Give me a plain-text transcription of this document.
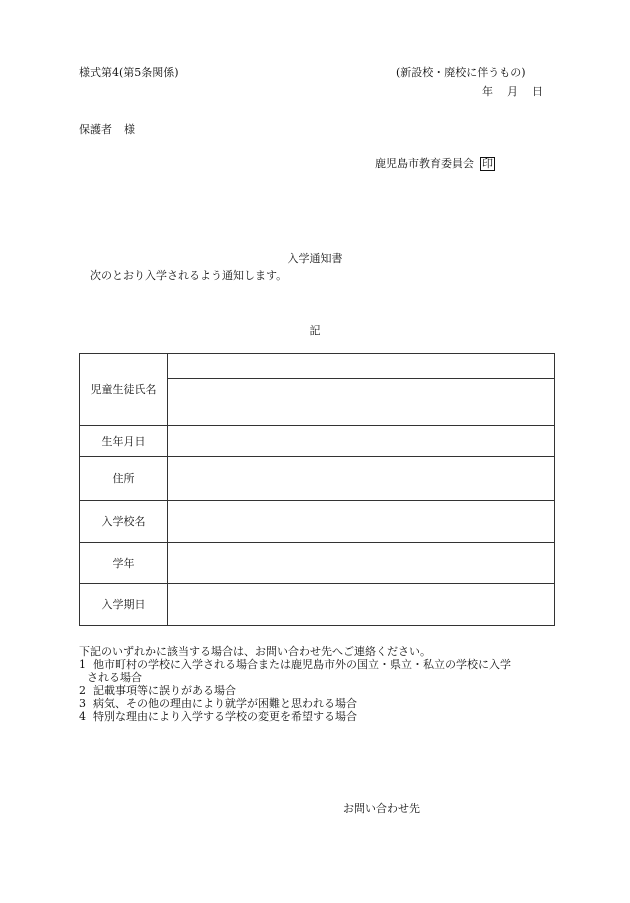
様式第4(第5条関係)	(新設校・廃校に伴うもの)
年 月 日
保護者 様
鹿児島市教育委員会 印
入学通知書
次のとおり入学されるよう通知します。
記
児童生徒氏名	

生年月日	
住所	
入学校名	
学年	
入学期日	

下記のいずれかに該当する場合は、お問い合わせ先へご連絡ください。

1 他市町村の学校に入学される場合または鹿児島市外の国立・県立・私立の学校に入学
される場合
2 記載事項等に誤りがある場合
3 病気、その他の理由により就学が困難と思われる場合
4 特別な理由により入学する学校の変更を希望する場合
お問い合わせ先
